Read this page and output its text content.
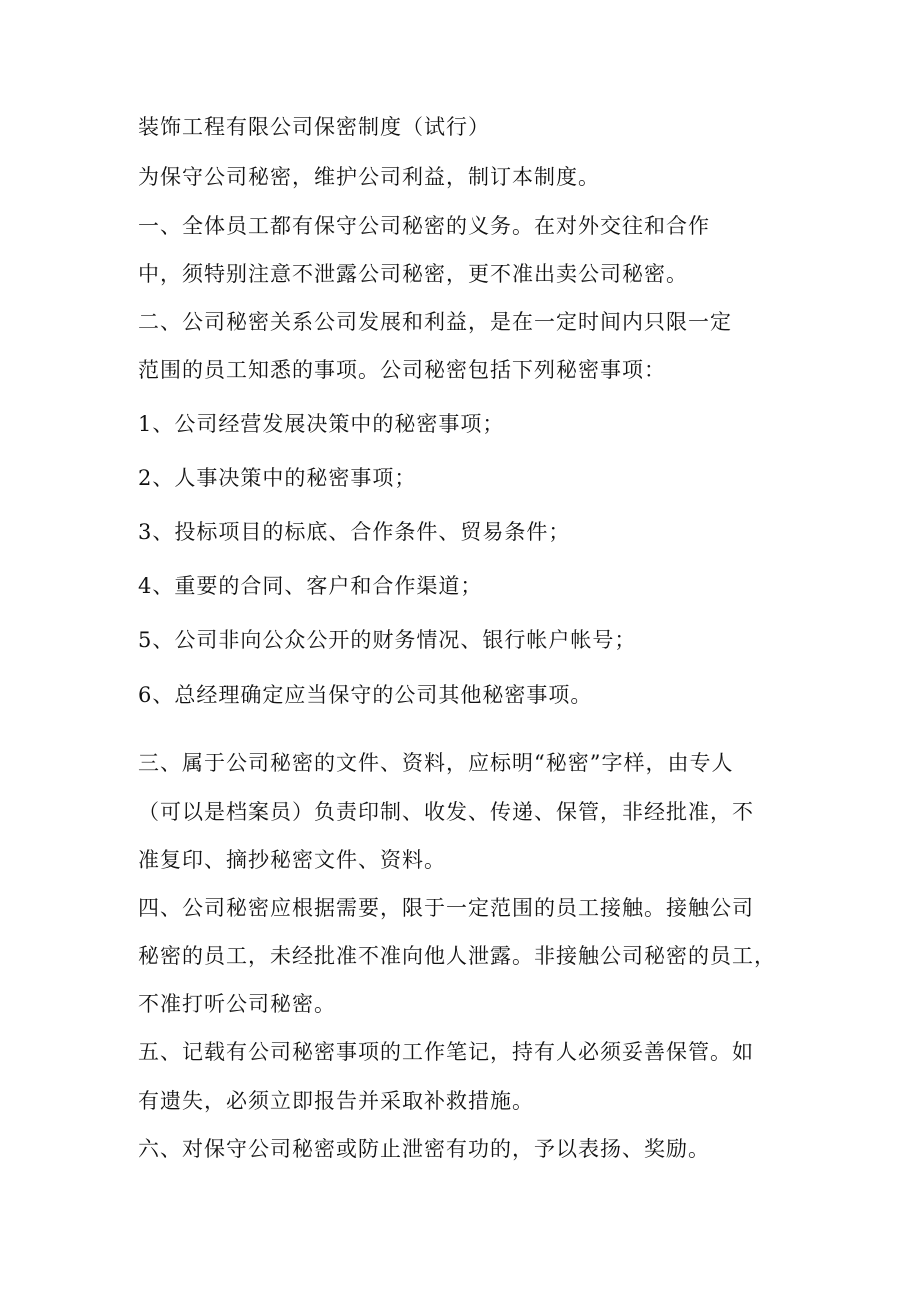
装饰工程有限公司保密制度（试行）
为保守公司秘密，维护公司利益，制订本制度。
一、全体员工都有保守公司秘密的义务。在对外交往和合作
中，须特别注意不泄露公司秘密，更不准出卖公司秘密。
二、公司秘密关系公司发展和利益，是在一定时间内只限一定
范围的员工知悉的事项。公司秘密包括下列秘密事项：
1、公司经营发展决策中的秘密事项；
2、人事决策中的秘密事项；
3、投标项目的标底、合作条件、贸易条件；
4、重要的合同、客户和合作渠道；
5、公司非向公众公开的财务情况、银行帐户帐号；
6、总经理确定应当保守的公司其他秘密事项。
三、属于公司秘密的文件、资料，应标明“秘密”字样，由专人
（可以是档案员）负责印制、收发、传递、保管，非经批准，不
准复印、摘抄秘密文件、资料。
四、公司秘密应根据需要，限于一定范围的员工接触。接触公司
秘密的员工，未经批准不准向他人泄露。非接触公司秘密的员工，
不准打听公司秘密。
五、记载有公司秘密事项的工作笔记，持有人必须妥善保管。如
有遗失，必须立即报告并采取补救措施。
六、对保守公司秘密或防止泄密有功的，予以表扬、奖励。
